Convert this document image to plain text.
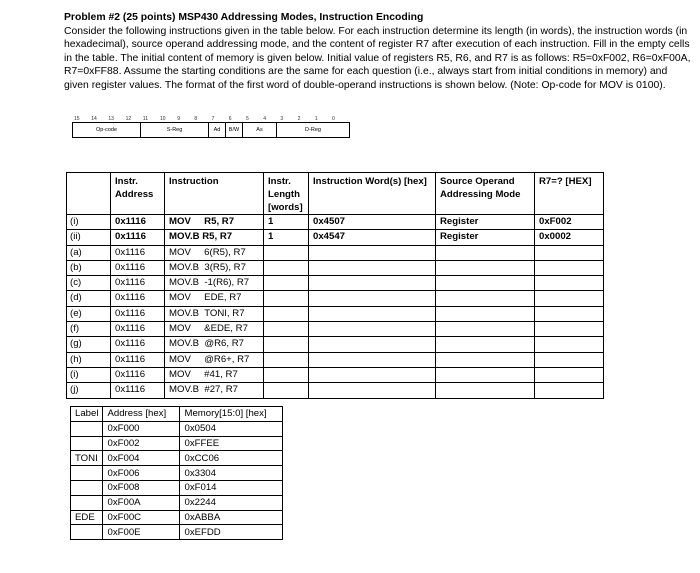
Problem #2 (25 points) MSP430 Addressing Modes, Instruction Encoding
Consider the following instructions given in the table below. For each instruction determine its length (in words), the instruction words (in hexadecimal), source operand addressing mode, and the content of register R7 after execution of each instruction. Fill in the empty cells in the table. The initial content of memory is given below. Initial value of registers R5, R6, and R7 is as follows: R5=0xF002, R6=0xF00A, R7=0xFF88. Assume the starting conditions are the same for each question (i.e., always start from initial conditions in memory) and given register values. The format of the first word of double-operand instructions is shown below. (Note: Op-code for MOV is 0100).
15 14 13 12 11 10 9	8	7	6	5	4	3	2	1	0
Op-code	S-Reg	Ad	B/W	As	D-Reg
	Instr. Address	Instruction	Instr. Length [words]	Instruction Word(s) [hex]	Source Operand Addressing Mode	R7=? [HEX]
(i)	0x1116	MOV     R5, R7	1	0x4507	Register	0xF002
(ii)	0x1116	MOV.B R5, R7	1	0x4547	Register	0x0002
(a)	0x1116	MOV     6(R5), R7				
(b)	0x1116	MOV.B  3(R5), R7				
(c)	0x1116	MOV.B  -1(R6), R7				
(d)	0x1116	MOV     EDE, R7				
(e)	0x1116	MOV.B  TONI, R7				
(f)	0x1116	MOV     &EDE, R7				
(g)	0x1116	MOV.B  @R6, R7				
(h)	0x1116	MOV     @R6+, R7				
(i)	0x1116	MOV     #41, R7				
(j)	0x1116	MOV.B  #27, R7				
Label	Address [hex]	Memory[15:0] [hex]
	0xF000	0x0504
	0xF002	0xFFEE
TONI	0xF004	0xCC06
	0xF006	0x3304
	0xF008	0xF014
	0xF00A	0x2244
EDE	0xF00C	0xABBA
	0xF00E	0xEFDD
